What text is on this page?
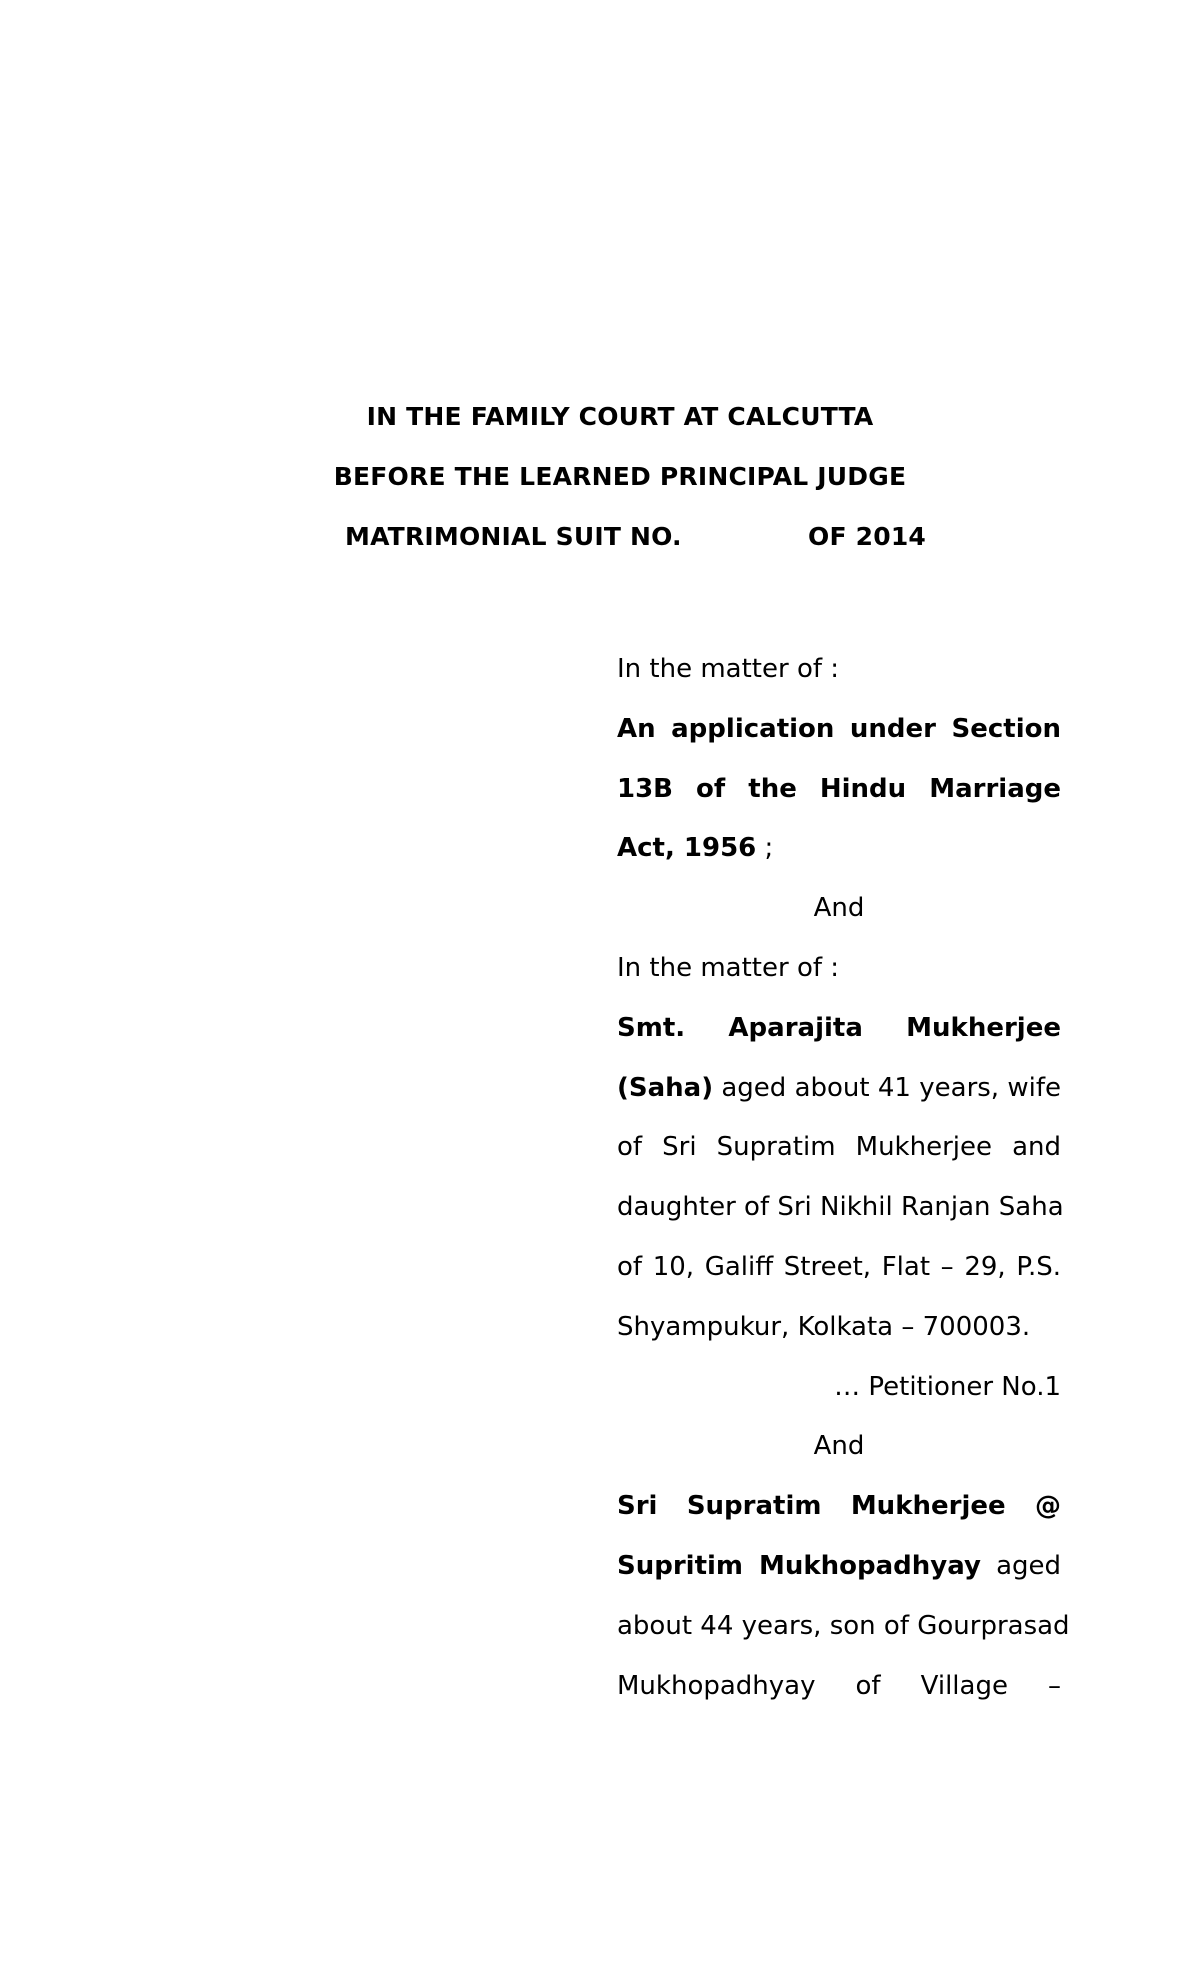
IN THE FAMILY COURT AT CALCUTTA
BEFORE THE LEARNED PRINCIPAL JUDGE
MATRIMONIAL SUIT NO.	OF 2014
In the matter of :
An application under Section
13B of the Hindu Marriage
Act, 1956 ;
And
In the matter of :
Smt. Aparajita Mukherjee
(Saha) aged about 41 years, wife
of Sri Supratim Mukherjee and
daughter of Sri Nikhil Ranjan Saha
of 10, Galiff Street, Flat – 29, P.S.
Shyampukur, Kolkata – 700003.
… Petitioner No.1
And
Sri Supratim Mukherjee @
Supritim Mukhopadhyay aged
about 44 years, son of Gourprasad
Mukhopadhyay of Village –
